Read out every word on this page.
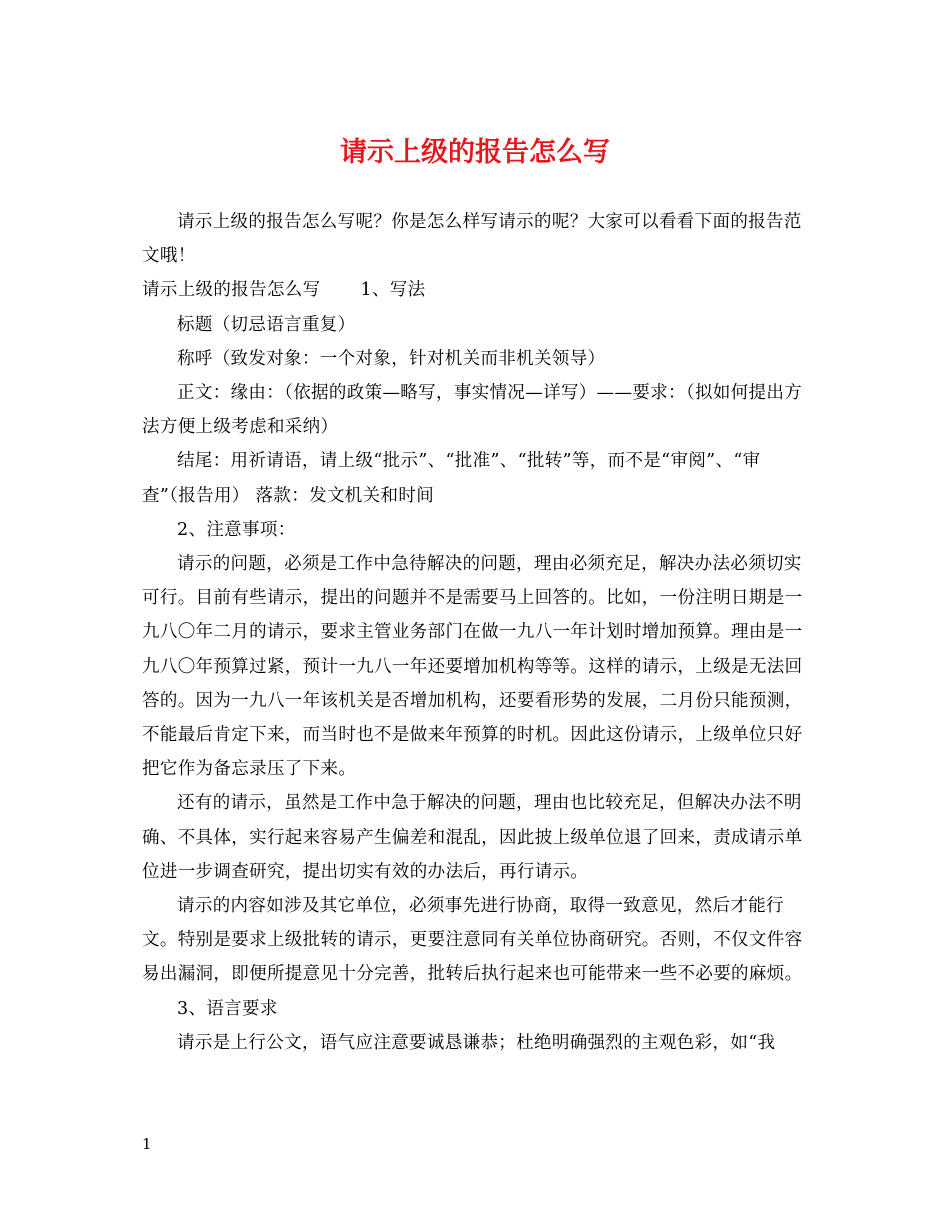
请示上级的报告怎么写

请示上级的报告怎么写呢？你是怎么样写请示的呢？大家可以看看下面的报告范文哦！

请示上级的报告怎么写 1、写法

标题（切忌语言重复）

称呼（致发对象：一个对象，针对机关而非机关领导）

正文：缘由：（依据的政策—略写，事实情况—详写）——要求：（拟如何提出方法方便上级考虑和采纳）

结尾：用祈请语，请上级“批示”、“批准”、“批转”等，而不是“审阅”、“审查”（报告用） 落款：发文机关和时间

2、注意事项：

请示的问题，必须是工作中急待解决的问题，理由必须充足，解决办法必须切实可行。目前有些请示，提出的问题并不是需要马上回答的。比如，一份注明日期是一九八〇年二月的请示，要求主管业务部门在做一九八一年计划时增加预算。理由是一九八〇年预算过紧，预计一九八一年还要增加机构等等。这样的请示，上级是无法回答的。因为一九八一年该机关是否增加机构，还要看形势的发展，二月份只能预测，不能最后肯定下来，而当时也不是做来年预算的时机。因此这份请示，上级单位只好把它作为备忘录压了下来。

还有的请示，虽然是工作中急于解决的问题，理由也比较充足，但解决办法不明确、不具体，实行起来容易产生偏差和混乱，因此披上级单位退了回来，责成请示单位进一步调查研究，提出切实有效的办法后，再行请示。

请示的内容如涉及其它单位，必须事先进行协商，取得一致意见，然后才能行文。特别是要求上级批转的请示，更要注意同有关单位协商研究。否则，不仅文件容易出漏洞，即便所提意见十分完善，批转后执行起来也可能带来一些不必要的麻烦。

3、语言要求

请示是上行公文，语气应注意要诚恳谦恭；杜绝明确强烈的主观色彩，如“我

1
